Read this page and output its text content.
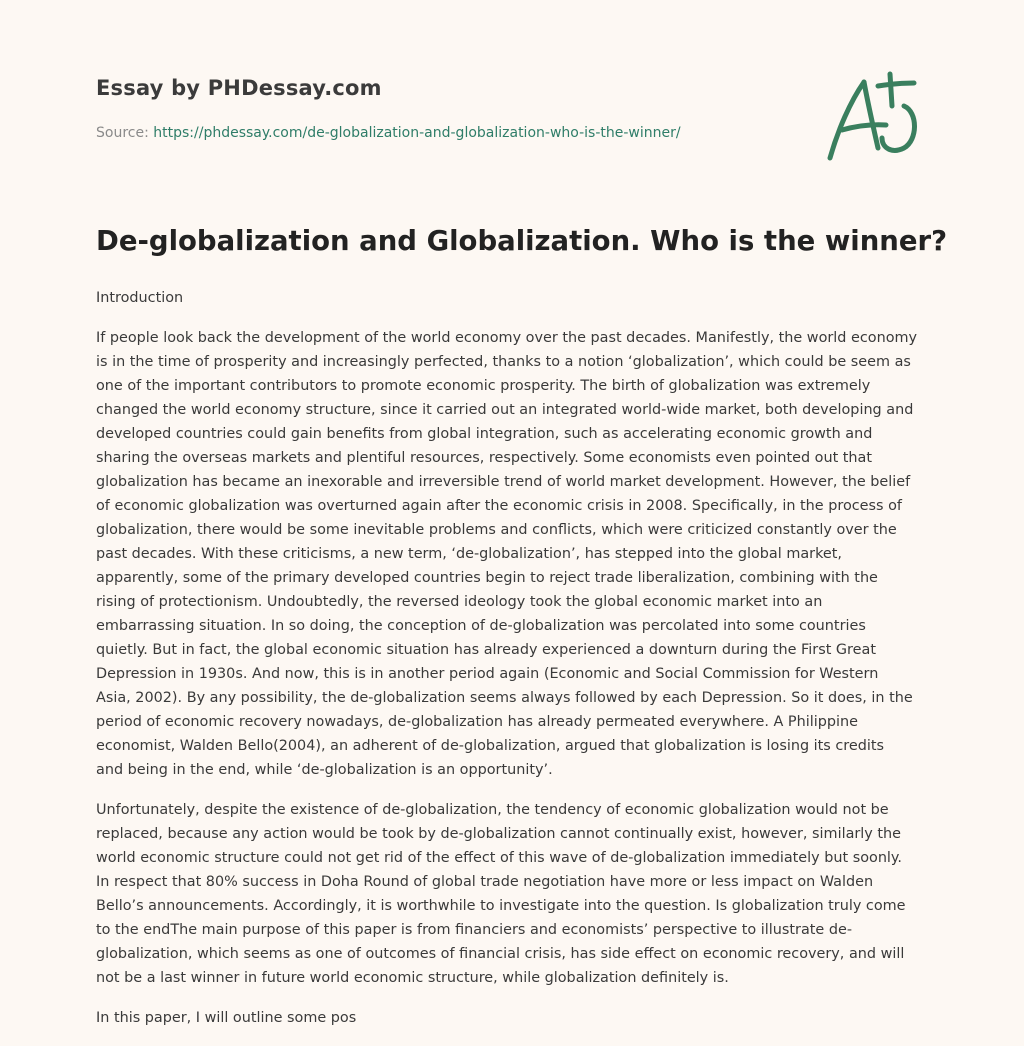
Essay by PHDessay.com
Source: https://phdessay.com/de-globalization-and-globalization-who-is-the-winner/
De-globalization and Globalization. Who is the winner?

Introduction

If people look back the development of the world economy over the past decades. Manifestly, the world economy
is in the time of prosperity and increasingly perfected, thanks to a notion ‘globalization’, which could be seem as
one of the important contributors to promote economic prosperity. The birth of globalization was extremely
changed the world economy structure, since it carried out an integrated world-wide market, both developing and
developed countries could gain benefits from global integration, such as accelerating economic growth and
sharing the overseas markets and plentiful resources, respectively. Some economists even pointed out that
globalization has became an inexorable and irreversible trend of world market development. However, the belief
of economic globalization was overturned again after the economic crisis in 2008. Specifically, in the process of
globalization, there would be some inevitable problems and conflicts, which were criticized constantly over the
past decades. With these criticisms, a new term, ‘de-globalization’, has stepped into the global market,
apparently, some of the primary developed countries begin to reject trade liberalization, combining with the
rising of protectionism. Undoubtedly, the reversed ideology took the global economic market into an
embarrassing situation. In so doing, the conception of de-globalization was percolated into some countries
quietly. But in fact, the global economic situation has already experienced a downturn during the First Great
Depression in 1930s. And now, this is in another period again (Economic and Social Commission for Western
Asia, 2002). By any possibility, the de-globalization seems always followed by each Depression. So it does, in the
period of economic recovery nowadays, de-globalization has already permeated everywhere. A Philippine
economist, Walden Bello(2004), an adherent of de-globalization, argued that globalization is losing its credits
and being in the end, while ‘de-globalization is an opportunity’.

Unfortunately, despite the existence of de-globalization, the tendency of economic globalization would not be
replaced, because any action would be took by de-globalization cannot continually exist, however, similarly the
world economic structure could not get rid of the effect of this wave of de-globalization immediately but soonly.
In respect that 80% success in Doha Round of global trade negotiation have more or less impact on Walden
Bello’s announcements. Accordingly, it is worthwhile to investigate into the question. Is globalization truly come
to the endThe main purpose of this paper is from financiers and economists’ perspective to illustrate de-
globalization, which seems as one of outcomes of financial crisis, has side effect on economic recovery, and will
not be a last winner in future world economic structure, while globalization definitely is.

In this paper, I will outline some pos
